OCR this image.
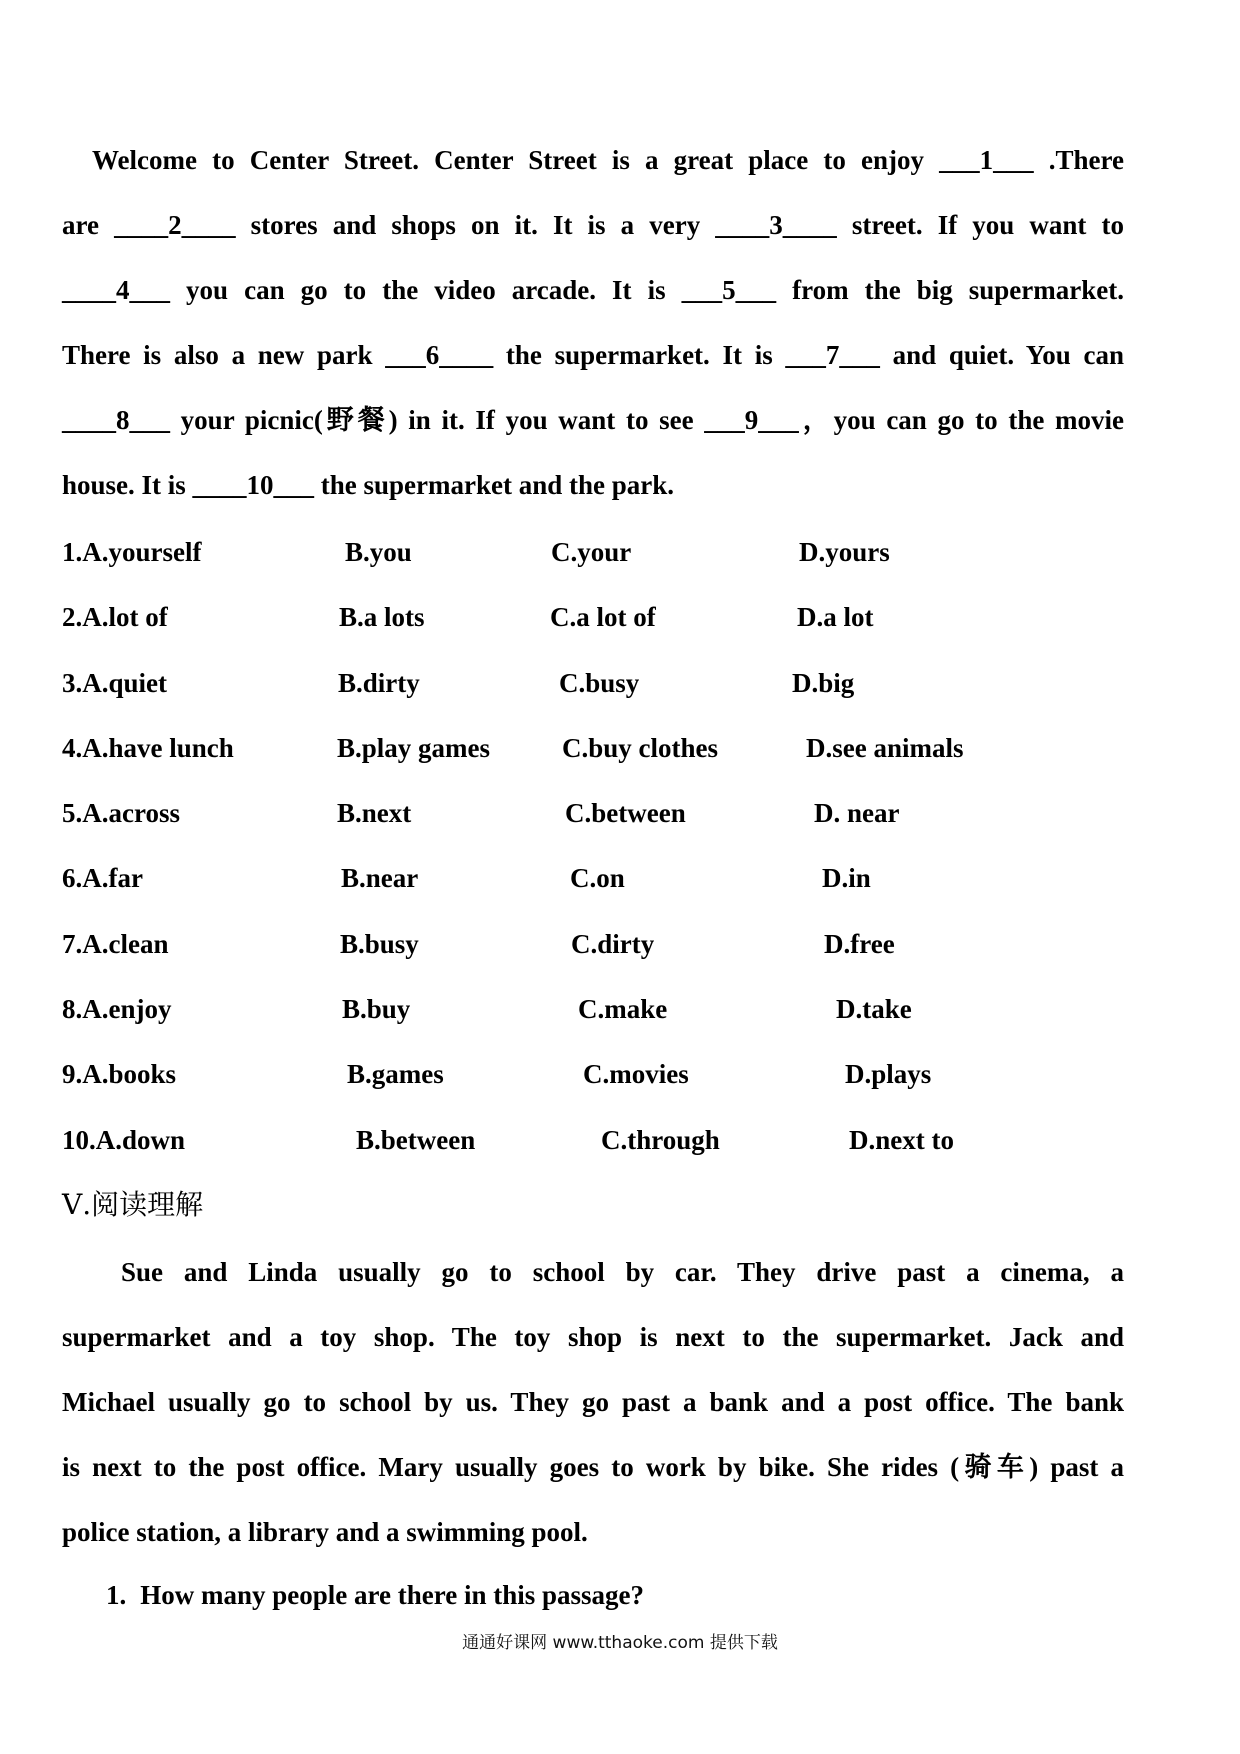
Welcome to Center Street. Center Street is a great place to enjoy ___1___ .There
are ____2____ stores and shops on it. It is a very ____3____ street. If you want to
____4___ you can go to the video arcade. It is ___5___ from the big supermarket.
There is also a new park ___6____ the supermarket. It is ___7___ and quiet. You can
____8___ your picnic(野餐) in it. If you want to see ___9___，you can go to the movie
house. It is ____10___ the supermarket and the park.
1.A.yourself	B.you	C.your	D.yours
2.A.lot of	B.a lots	C.a lot of	D.a lot
3.A.quiet	B.dirty	C.busy	D.big
4.A.have lunch	B.play games	C.buy clothes	D.see animals
5.A.across	B.next	C.between	D. near
6.A.far	B.near	C.on	D.in
7.A.clean	B.busy	C.dirty	D.free
8.A.enjoy	B.buy	C.make	D.take
9.A.books	B.games	C.movies	D.plays
10.A.down	B.between	C.through	D.next to
Ⅴ.阅读理解
Sue and Linda usually go to school by car. They drive past a cinema, a
supermarket and a toy shop. The toy shop is next to the supermarket. Jack and
Michael usually go to school by us. They go past a bank and a post office. The bank
is next to the post office. Mary usually goes to work by bike. She rides (骑车) past a
police station, a library and a swimming pool.
1. How many people are there in this passage?
通通好课网 www.tthaoke.com 提供下载
